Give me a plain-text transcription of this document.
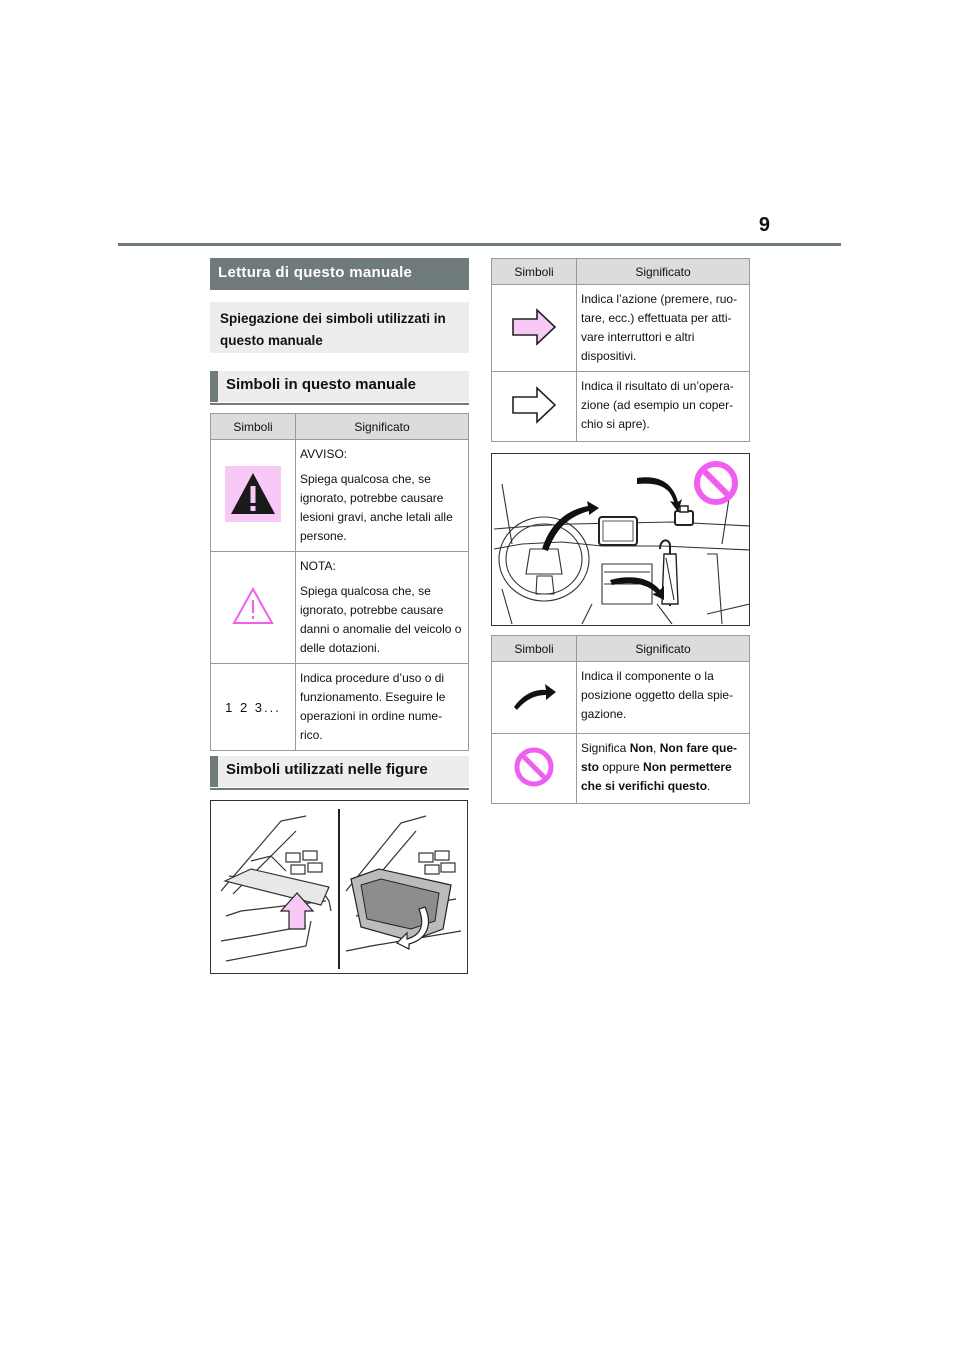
9
Lettura di questo manuale
Spiegazione dei simboli utilizzati in questo manuale
Simboli in questo manuale
Simboli	Significato

AVVISO:

Spiega qualcosa che, se ignorato, potrebbe causare lesioni gravi, anche letali alle persone.

NOTA:

Spiega qualcosa che, se ignorato, potrebbe causare danni o anomalie del veicolo o delle dotazioni.

1 2 3...	Indica procedure d’uso o di funzionamento. Eseguire le operazioni in ordine nume-rico.

Simboli utilizzati nelle figure
Simboli	Significato

Indica l’azione (premere, ruo-tare, ecc.) effettuata per atti-vare interruttori e altri dispositivi.

Indica il risultato di un’opera-zione (ad esempio un coper-chio si apre).

Simboli	Significato

Indica il componente o la posizione oggetto della spie-gazione.

Significa Non, Non fare que-sto oppure Non permettere che si verifichi questo.
